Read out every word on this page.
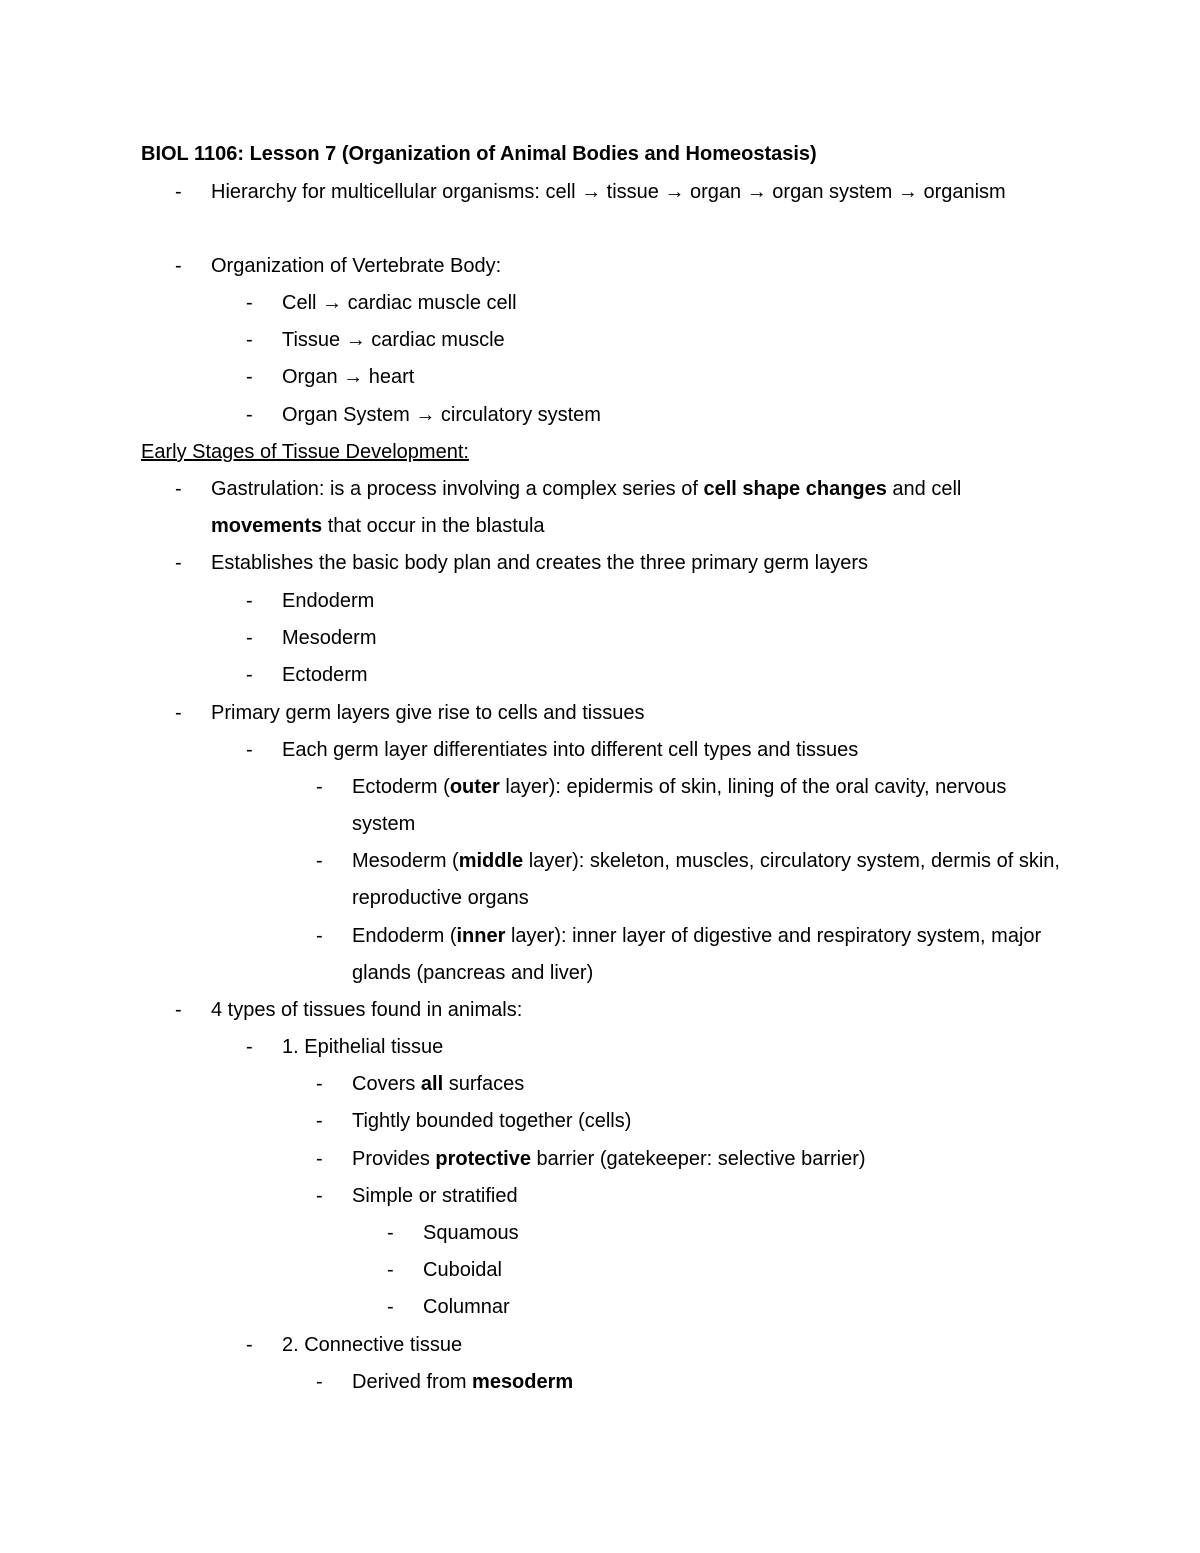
BIOL 1106: Lesson 7 (Organization of Animal Bodies and Homeostasis)
- Hierarchy for multicellular organisms: cell → tissue → organ → organ system → organism
- Organization of Vertebrate Body:
- Cell → cardiac muscle cell
- Tissue → cardiac muscle
- Organ → heart
- Organ System → circulatory system
Early Stages of Tissue Development:
- Gastrulation: is a process involving a complex series of cell shape changes and cell movements that occur in the blastula
- Establishes the basic body plan and creates the three primary germ layers
- Endoderm
- Mesoderm
- Ectoderm
- Primary germ layers give rise to cells and tissues
- Each germ layer differentiates into different cell types and tissues
- Ectoderm (outer layer): epidermis of skin, lining of the oral cavity, nervous system
- Mesoderm (middle layer): skeleton, muscles, circulatory system, dermis of skin, reproductive organs
- Endoderm (inner layer): inner layer of digestive and respiratory system, major glands (pancreas and liver)
- 4 types of tissues found in animals:
- 1. Epithelial tissue
- Covers all surfaces
- Tightly bounded together (cells)
- Provides protective barrier (gatekeeper: selective barrier)
- Simple or stratified
- Squamous
- Cuboidal
- Columnar
- 2. Connective tissue
- Derived from mesoderm
